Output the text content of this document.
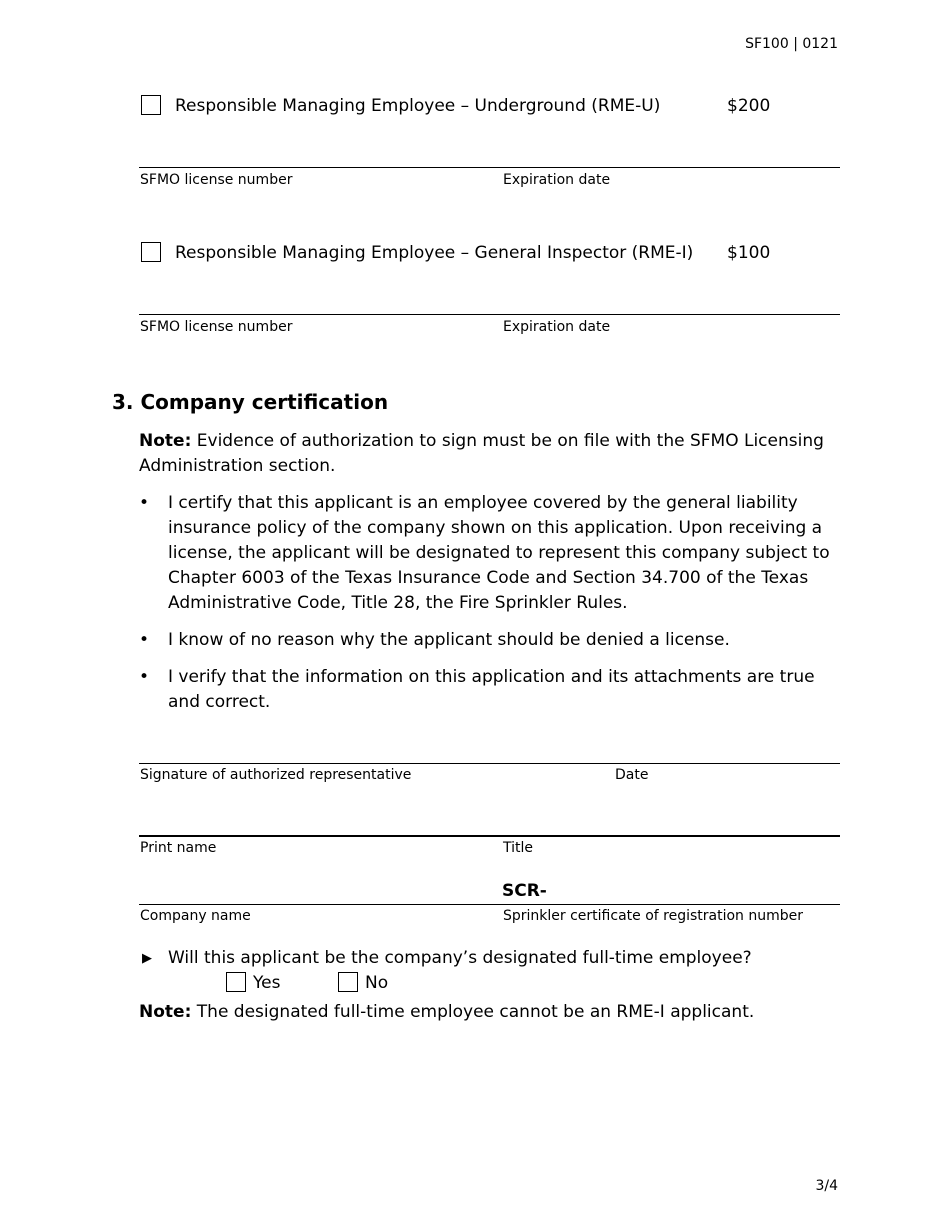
SF100 | 0121
Responsible Managing Employee – Underground (RME-U)	$200
SFMO license number	Expiration date
Responsible Managing Employee – General Inspector (RME-I) $100
SFMO license number	Expiration date
3. Company certification
Note: Evidence of authorization to sign must be on file with the SFMO Licensing Administration section.
• I certify that this applicant is an employee covered by the general liability insurance policy of the company shown on this application. Upon receiving a license, the applicant will be designated to represent this company subject to Chapter 6003 of the Texas Insurance Code and Section 34.700 of the Texas Administrative Code, Title 28, the Fire Sprinkler Rules.
• I know of no reason why the applicant should be denied a license.
• I verify that the information on this application and its attachments are true and correct.
Signature of authorized representative	Date
Print name	Title
SCR-
Company name	Sprinkler certificate of registration number
▶ Will this applicant be the company’s designated full-time employee?
Yes	No
Note: The designated full-time employee cannot be an RME-I applicant.
3/4
